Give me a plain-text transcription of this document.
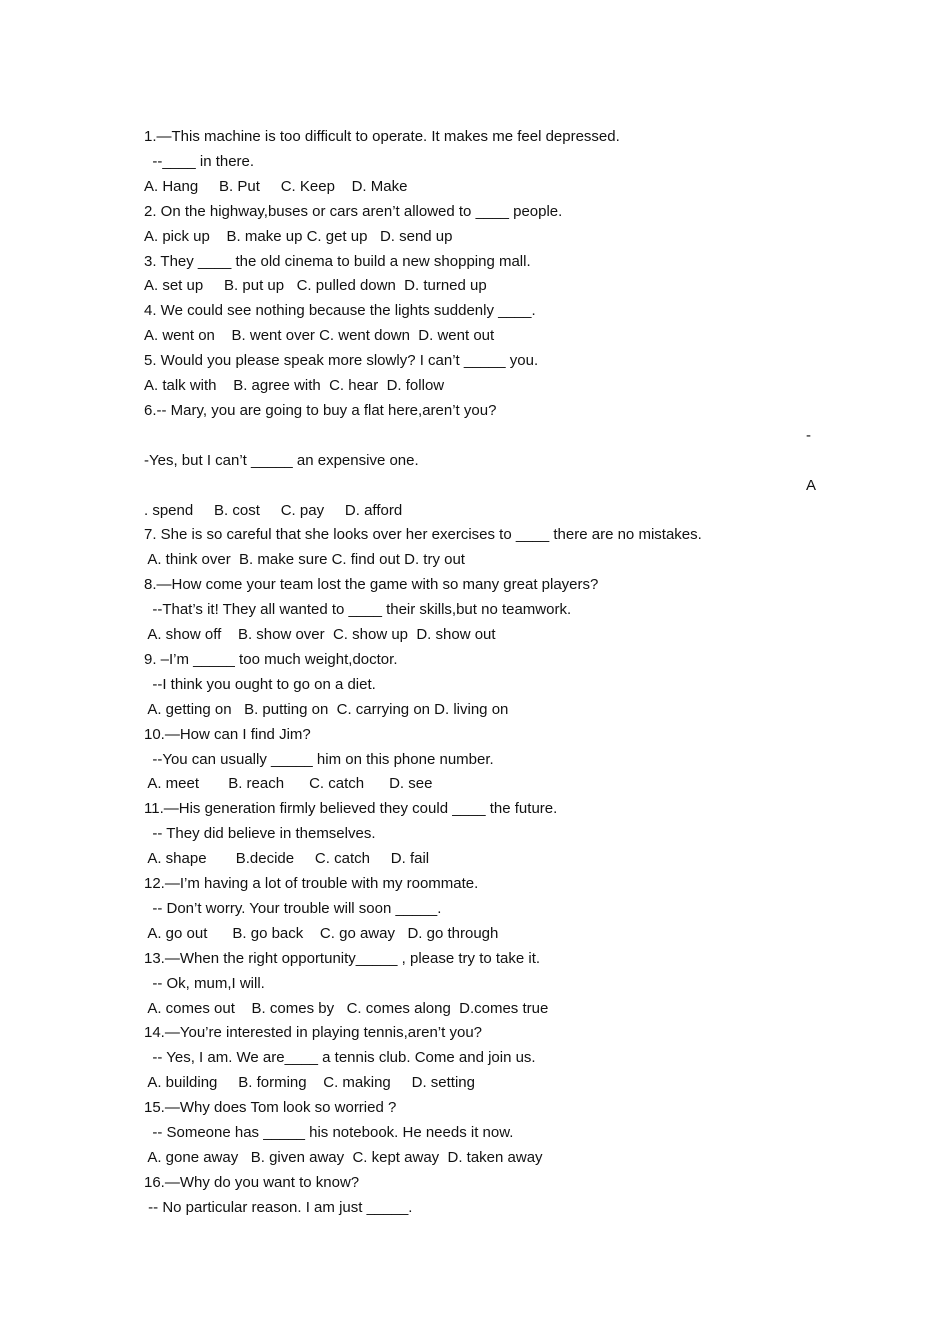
1.—This machine is too difficult to operate. It makes me feel depressed.
--____ in there.
A. Hang     B. Put     C. Keep    D. Make
2. On the highway,buses or cars aren’t allowed to ____ people.
A. pick up    B. make up C. get up   D. send up
3. They ____ the old cinema to build a new shopping mall.
A. set up     B. put up   C. pulled down  D. turned up
4. We could see nothing because the lights suddenly ____.
A. went on    B. went over C. went down  D. went out
5. Would you please speak more slowly? I can’t _____ you.
A. talk with    B. agree with  C. hear  D. follow
6.-- Mary, you are going to buy a flat here,aren’t you?
-Yes, but I can’t _____ an expensive one.
. spend     B. cost     C. pay     D. afford
7. She is so careful that she looks over her exercises to ____ there are no mistakes.
A. think over  B. make sure C. find out D. try out
8.—How come your team lost the game with so many great players?
--That’s it! They all wanted to ____ their skills,but no teamwork.
A. show off    B. show over  C. show up  D. show out
9. –I’m _____ too much weight,doctor.
--I think you ought to go on a diet.
A. getting on   B. putting on  C. carrying on D. living on
10.—How can I find Jim?
--You can usually _____ him on this phone number.
A. meet       B. reach      C. catch      D. see
11.—His generation firmly believed they could ____ the future.
-- They did believe in themselves.
A. shape       B.decide     C. catch     D. fail
12.—I’m having a lot of trouble with my roommate.
-- Don’t worry. Your trouble will soon _____.
A. go out      B. go back    C. go away   D. go through
13.—When the right opportunity_____ , please try to take it.
-- Ok, mum,I will.
A. comes out    B. comes by   C. comes along  D.comes true
14.—You’re interested in playing tennis,aren’t you?
-- Yes, I am. We are____ a tennis club. Come and join us.
A. building     B. forming    C. making     D. setting
15.—Why does Tom look so worried ?
-- Someone has _____ his notebook. He needs it now.
A. gone away   B. given away  C. kept away  D. taken away
16.—Why do you want to know?
-- No particular reason. I am just _____.
-
A
